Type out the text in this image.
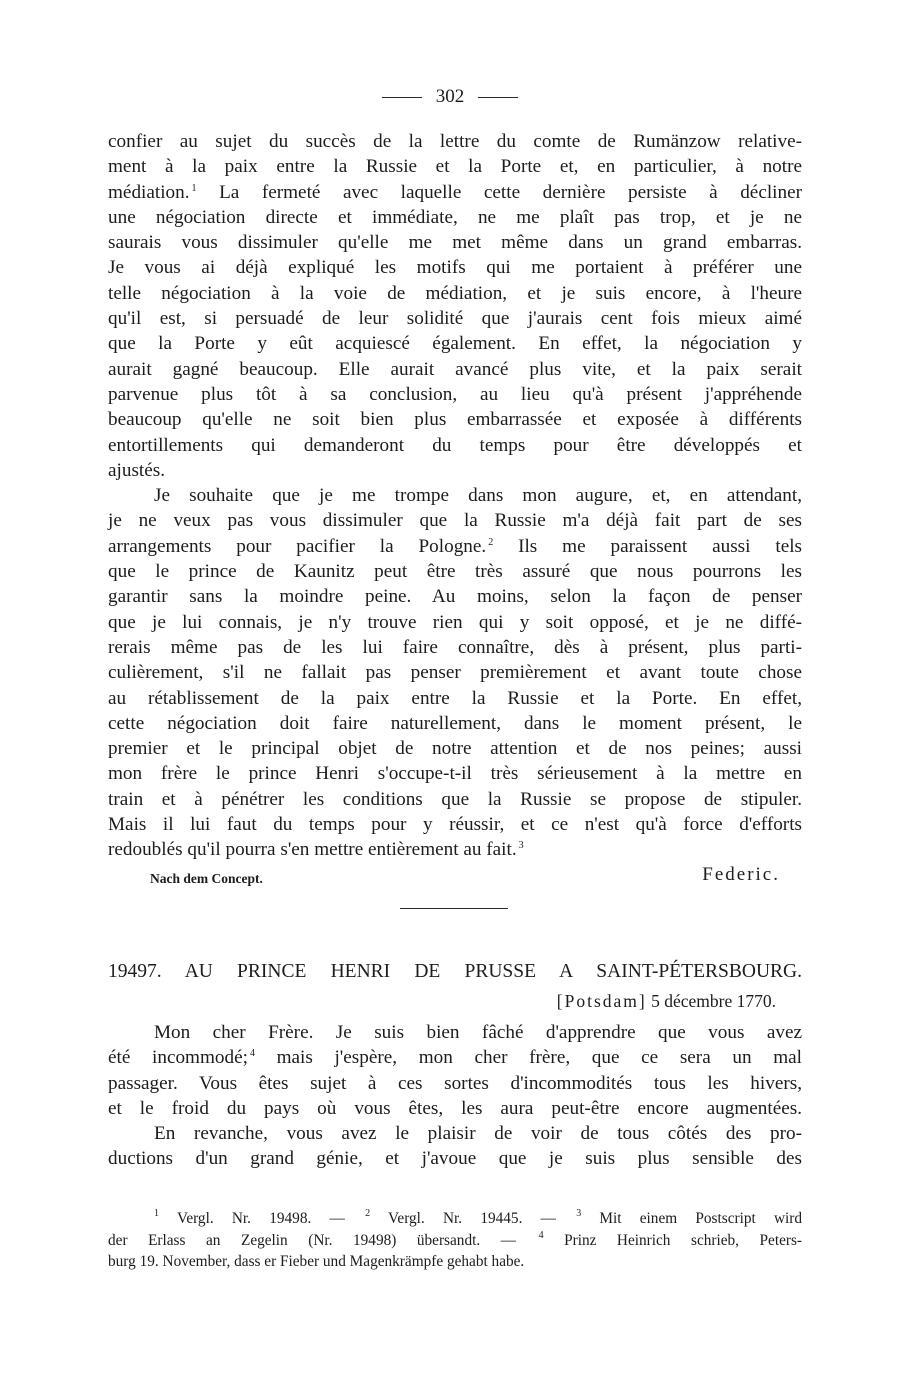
302

confier au sujet du succès de la lettre du comte de Rumänzow relative-
ment à la paix entre la Russie et la Porte et, en particulier, à notre
médiation. $^1$ La fermeté avec laquelle cette dernière persiste à décliner
une négociation directe et immédiate, ne me plaît pas trop, et je ne
saurais vous dissimuler qu'elle me met même dans un grand embarras.
Je vous ai déjà expliqué les motifs qui me portaient à préférer une
telle négociation à la voie de médiation, et je suis encore, à l'heure
qu'il est, si persuadé de leur solidité que j'aurais cent fois mieux aimé
que la Porte y eût acquiescé également. En effet, la négociation y
aurait gagné beaucoup. Elle aurait avancé plus vite, et la paix serait
parvenue plus tôt à sa conclusion, au lieu qu'à présent j'appréhende
beaucoup qu'elle ne soit bien plus embarrassée et exposée à différents
entortillements qui demanderont du temps pour être développés et
ajustés.

Je souhaite que je me trompe dans mon augure, et, en attendant,
je ne veux pas vous dissimuler que la Russie m'a déjà fait part de ses
arrangements pour pacifier la Pologne. $^2$ Ils me paraissent aussi tels
que le prince de Kaunitz peut être très assuré que nous pourrons les
garantir sans la moindre peine. Au moins, selon la façon de penser
que je lui connais, je n'y trouve rien qui y soit opposé, et je ne diffé-
rerais même pas de les lui faire connaître, dès à présent, plus parti-
culièrement, s'il ne fallait pas penser premièrement et avant toute chose
au rétablissement de la paix entre la Russie et la Porte. En effet,
cette négociation doit faire naturellement, dans le moment présent, le
premier et le principal objet de notre attention et de nos peines; aussi
mon frère le prince Henri s'occupe-t-il très sérieusement à la mettre en
train et à pénétrer les conditions que la Russie se propose de stipuler.
Mais il lui faut du temps pour y réussir, et ce n'est qu'à force d'efforts
redoublés qu'il pourra s'en mettre entièrement au fait. $^3$

Nach dem Concept.	Federic.
19497. AU PRINCE HENRI DE PRUSSE A SAINT-PÉTERSBOURG.
[Potsdam] 5 décembre 1770.

Mon cher Frère. Je suis bien fâché d'apprendre que vous avez
été incommodé; $^4$ mais j'espère, mon cher frère, que ce sera un mal
passager. Vous êtes sujet à ces sortes d'incommodités tous les hivers,
et le froid du pays où vous êtes, les aura peut-être encore augmentées.

En revanche, vous avez le plaisir de voir de tous côtés des pro-
ductions d'un grand génie, et j'avoue que je suis plus sensible des

$^1$ Vergl. Nr. 19498. — $^2$ Vergl. Nr. 19445. — $^3$ Mit einem Postscript wird
der Erlass an Zegelin (Nr. 19498) übersandt. — $^4$ Prinz Heinrich schrieb, Peters-
burg 19. November, dass er Fieber und Magenkrämpfe gehabt habe.
